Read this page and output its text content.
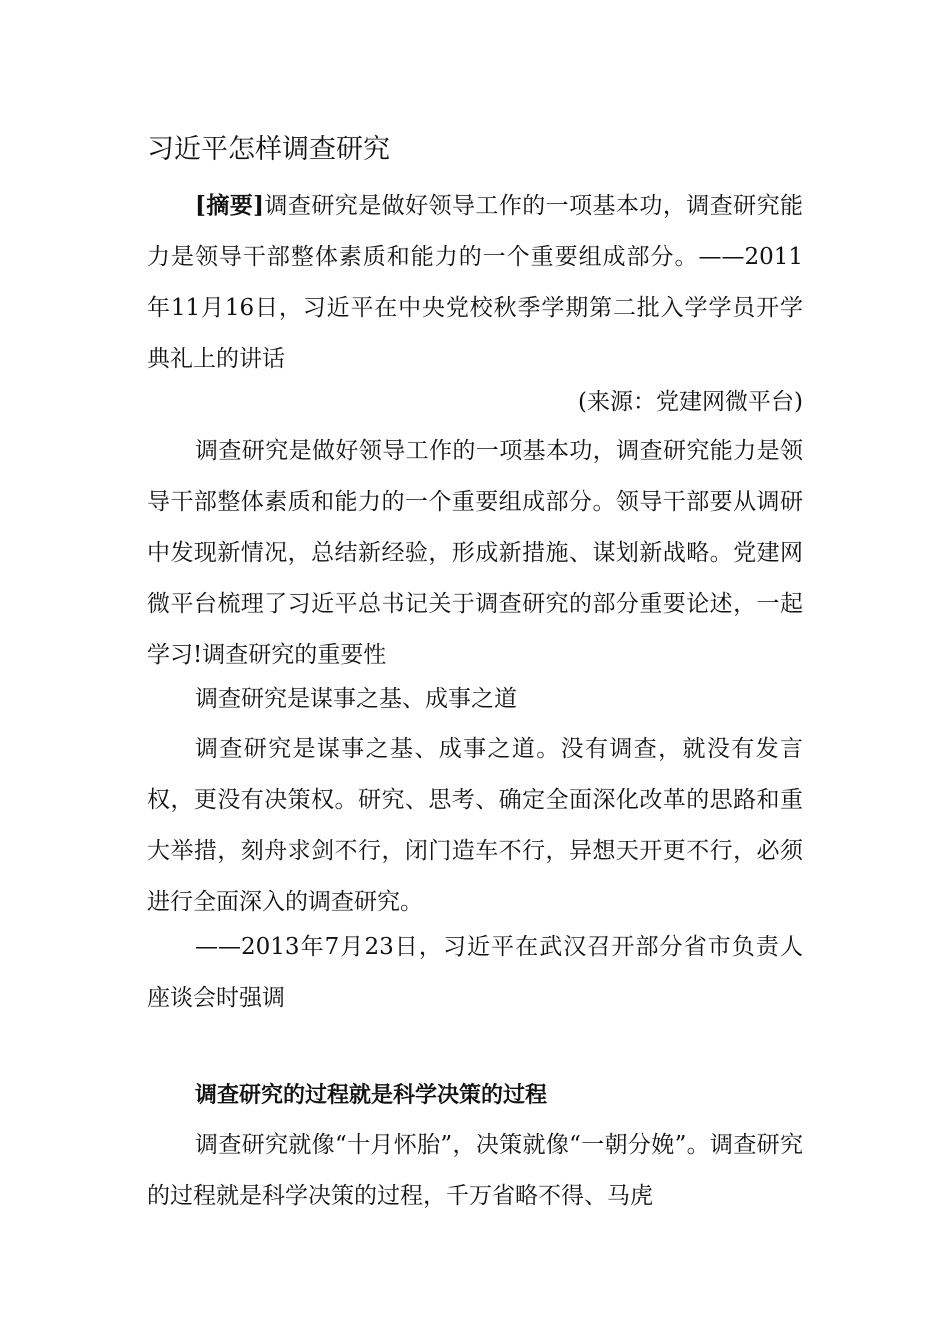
习近平怎样调查研究

[摘要]调查研究是做好领导工作的一项基本功，调查研究能力是领导干部整体素质和能力的一个重要组成部分。——2011年11月16日，习近平在中央党校秋季学期第二批入学学员开学典礼上的讲话

(来源：党建网微平台)

调查研究是做好领导工作的一项基本功，调查研究能力是领导干部整体素质和能力的一个重要组成部分。领导干部要从调研中发现新情况，总结新经验，形成新措施、谋划新战略。党建网微平台梳理了习近平总书记关于调查研究的部分重要论述，一起学习!调查研究的重要性

调查研究是谋事之基、成事之道

调查研究是谋事之基、成事之道。没有调查，就没有发言权，更没有决策权。研究、思考、确定全面深化改革的思路和重大举措，刻舟求剑不行，闭门造车不行，异想天开更不行，必须进行全面深入的调查研究。

——2013年7月23日，习近平在武汉召开部分省市负责人座谈会时强调

调查研究的过程就是科学决策的过程

调查研究就像“十月怀胎”，决策就像“一朝分娩”。调查研究的过程就是科学决策的过程，千万省略不得、马虎
